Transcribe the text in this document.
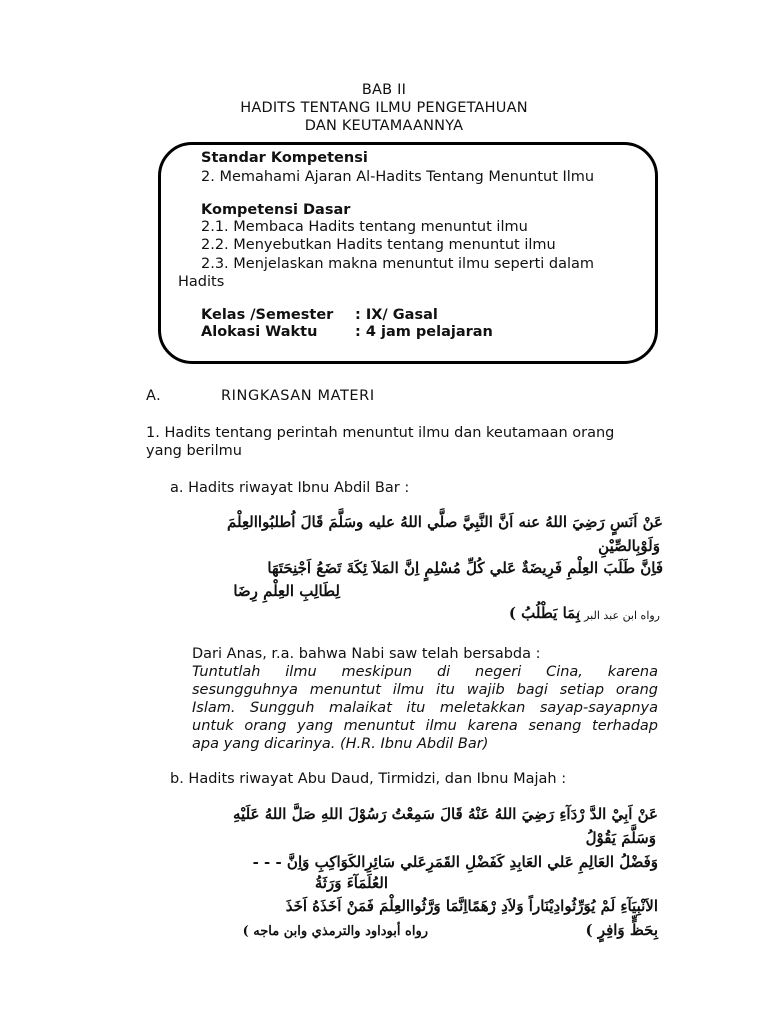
BAB II
HADITS TENTANG ILMU PENGETAHUAN
DAN KEUTAMAANNYA
Standar Kompetensi
2. Memahami Ajaran Al-Hadits Tentang Menuntut Ilmu
Kompetensi Dasar
2.1. Membaca Hadits tentang menuntut ilmu
2.2. Menyebutkan Hadits tentang menuntut ilmu
2.3. Menjelaskan makna menuntut ilmu seperti dalam
Hadits
Kelas /Semester : IX/ Gasal
Alokasi Waktu	: 4 jam pelajaran
A.	RINGKASAN MATERI
1. Hadits tentang perintah menuntut ilmu dan keutamaan orang
yang berilmu
a. Hadits riwayat Ibnu Abdil Bar :
عَنْ اَنَسٍ رَضِيَ اللهُ عنه اَنَّ النَّبِيَّ صلَّي اللهُ عليه وسَلَّمَ قَالَ اُطلبُواالعِلْمَ
وَلَوْبِالصِّيْنِ
فَاِنَّ طَلَبَ العِلْمِ فَرِيضَةٌ عَلي كُلِّ مُسْلِمٍ اِنَّ المَلاَ ئِكَةَ تَضَعُ اَجْنِحَتَهَا
لِطَالِبِ العِلْمِ رِضَا
بِمَا يَطْلُبُ )
رواه ابن عبد البر )
Dari Anas, r.a. bahwa Nabi saw telah bersabda :
Tuntutlah ilmu meskipun di negeri Cina, karena
sesungguhnya menuntut ilmu itu wajib bagi setiap orang
Islam. Sungguh malaikat itu meletakkan sayap-sayapnya
untuk orang yang menuntut ilmu karena senang terhadap
apa yang dicarinya. (H.R. Ibnu Abdil Bar)
b. Hadits riwayat Abu Daud, Tirmidzi, dan Ibnu Majah :
عَنْ اَبِيْ الدَّ رْدَآءِ رَضِيَ اللهُ عَنْهُ قَالَ سَمِعْتُ رَسُوْلَ اللهِ صَلَّ اللهُ عَلَيْهِ
وَسَلَّمَ يَقُوْلُ
وَفَضْلُ العَالِمِ عَلي العَابِدِ كَفَضْلِ القَمَرِعَلي سَائِرِالكَوَاكِبِ وَاِنَّ - - -
العُلَمَآءَ وَرَثَةُ
الاَنْبِيَآءِ لَمْ يُوَرِّثُوادِيْنَاراً وَلاَدِ رْهَمًااِنَّمَا وَرَّثُواالعِلْمَ فَمَنْ اَخَذَهُ اَخَذَ
بِحَظٍّ وَافِرٍ )
رواه أبوداود والترمذي وابن ماجه )
